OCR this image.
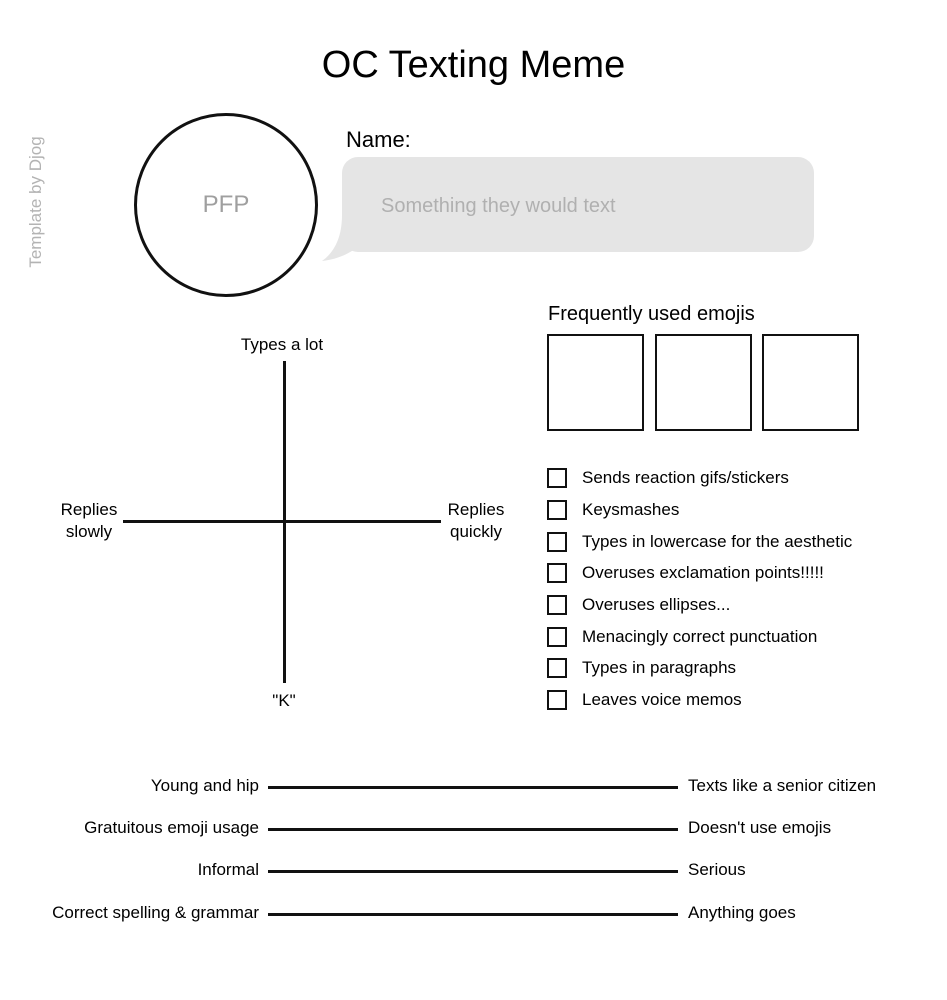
OC Texting Meme
Template by Djog	PFP
Name:
Something they would text
Frequently used emojis
Types a lot
"K"
Replies
slowly
Replies
quickly
Sends reaction gifs/stickers
Keysmashes
Types in lowercase for the aesthetic
Overuses exclamation points!!!!!
Overuses ellipses...
Menacingly correct punctuation
Types in paragraphs
Leaves voice memos
Young and hip	Texts like a senior citizen
Gratuitous emoji usage	Doesn't use emojis
Informal	Serious
Correct spelling & grammar	Anything goes
